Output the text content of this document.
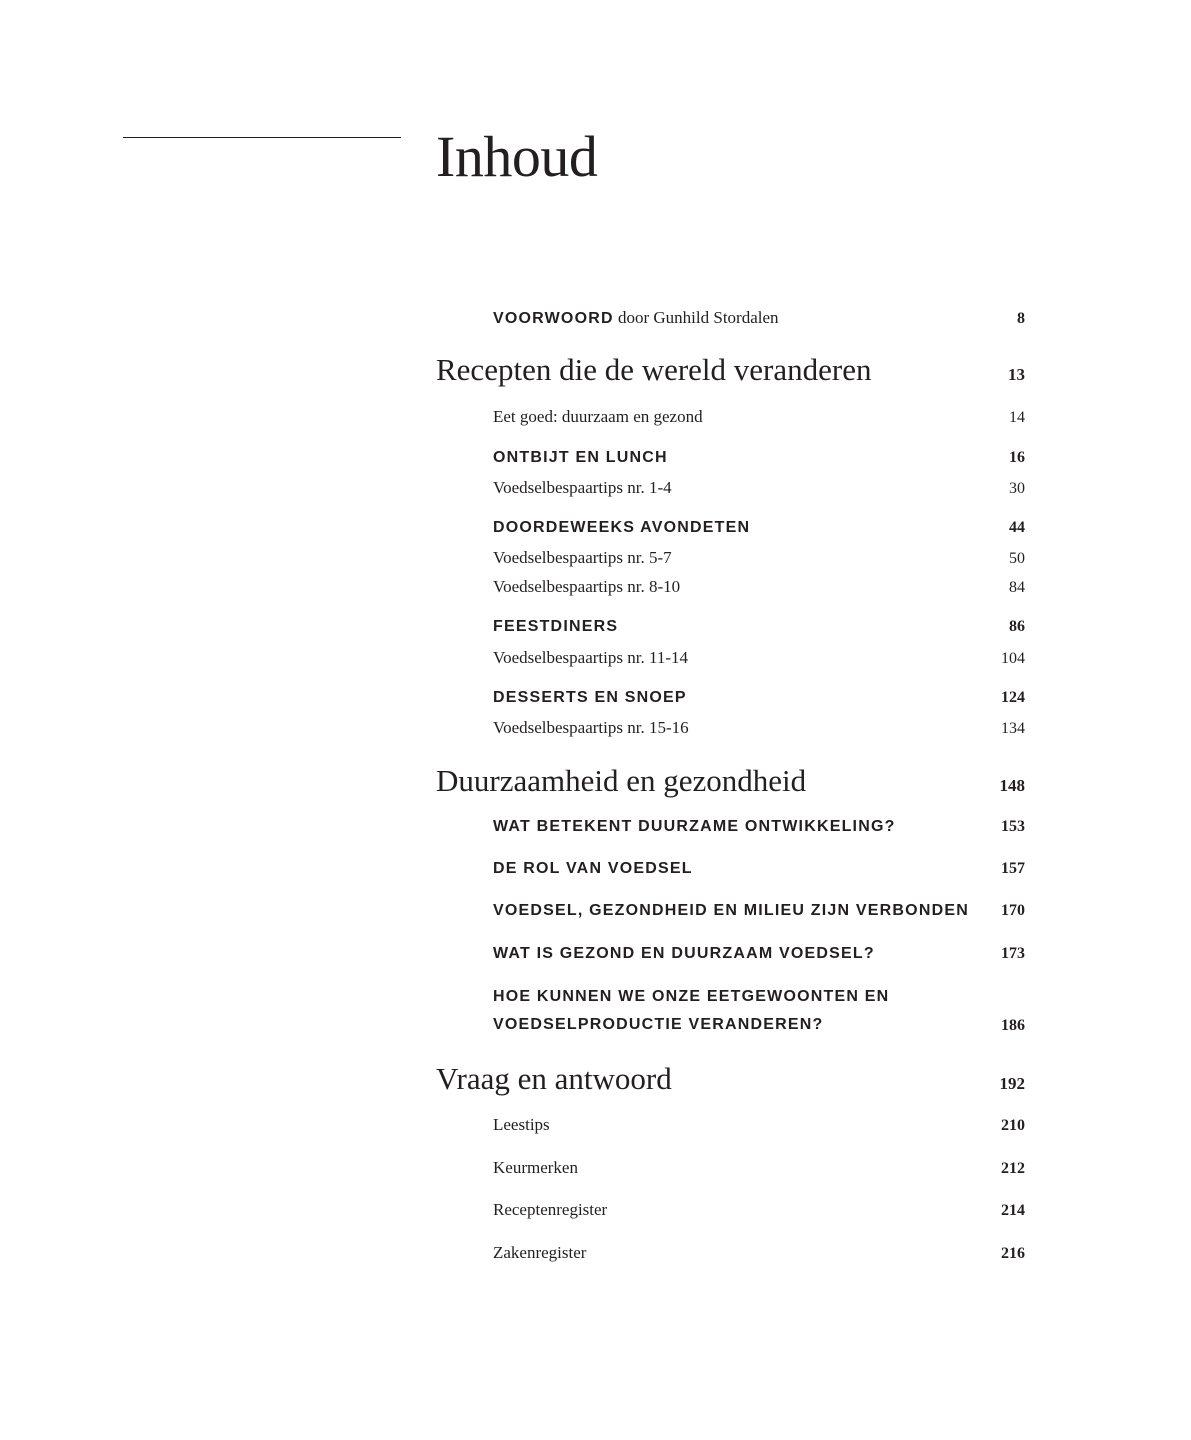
Inhoud
VOORWOORD door Gunhild Stordalen	8
Recepten die de wereld veranderen	13
Eet goed: duurzaam en gezond	14
ONTBIJT EN LUNCH	16
Voedselbespaartips nr. 1-4	30
DOORDEWEEKS AVONDETEN	44
Voedselbespaartips nr. 5-7	50
Voedselbespaartips nr. 8-10	84
FEESTDINERS	86
Voedselbespaartips nr. 11-14	104
DESSERTS EN SNOEP	124
Voedselbespaartips nr. 15-16	134
Duurzaamheid en gezondheid	148
WAT BETEKENT DUURZAME ONTWIKKELING?	153
DE ROL VAN VOEDSEL	157
VOEDSEL, GEZONDHEID EN MILIEU ZIJN VERBONDEN 170
WAT IS GEZOND EN DUURZAAM VOEDSEL?	173
HOE KUNNEN WE ONZE EETGEWOONTEN EN
VOEDSELPRODUCTIE VERANDEREN?	186
Vraag en antwoord	192
Leestips	210
Keurmerken	212
Receptenregister	214
Zakenregister	216
